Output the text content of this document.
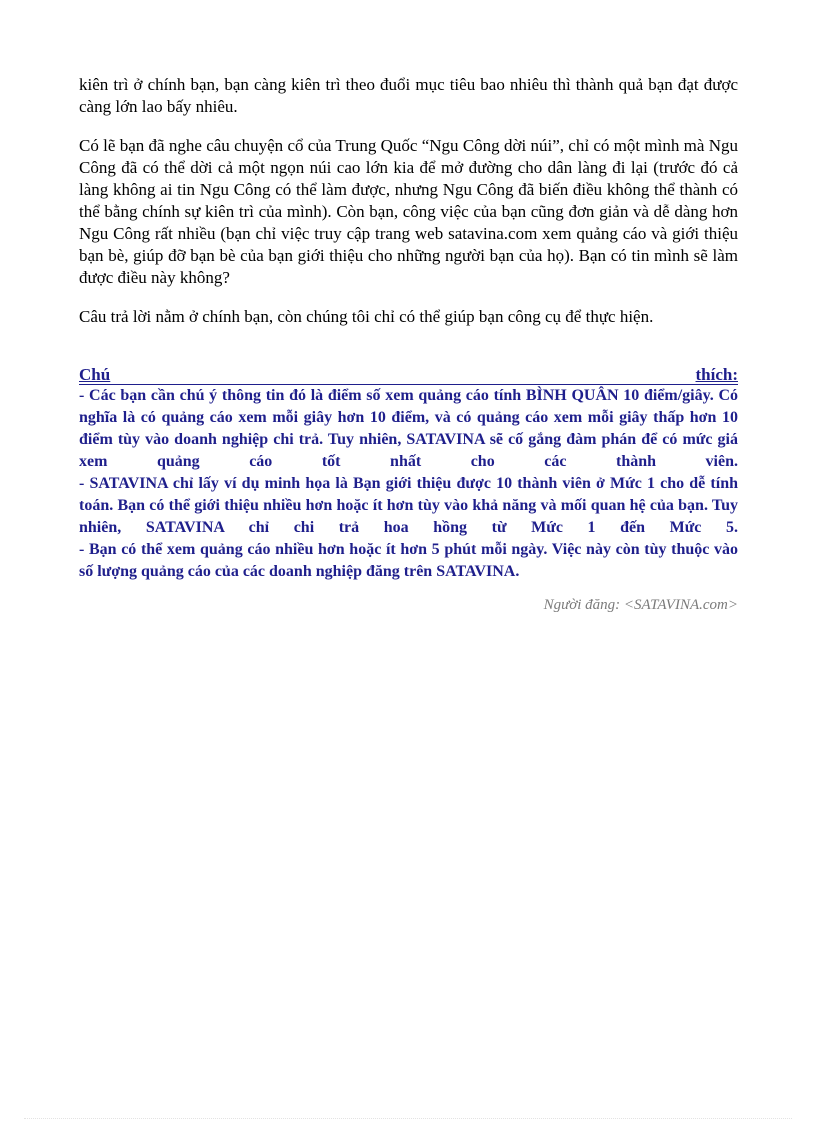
kiên trì ở chính bạn, bạn càng kiên trì theo đuổi mục tiêu bao nhiêu thì thành quả bạn đạt được càng lớn lao bấy nhiêu.

Có lẽ bạn đã nghe câu chuyện cổ của Trung Quốc “Ngu Công dời núi”, chỉ có một mình mà Ngu Công đã có thể dời cả một ngọn núi cao lớn kia để mở đường cho dân làng đi lại (trước đó cả làng không ai tin Ngu Công có thể làm được, nhưng Ngu Công đã biến điều không thể thành có thể bằng chính sự kiên trì của mình). Còn bạn, công việc của bạn cũng đơn giản và dễ dàng hơn Ngu Công rất nhiều (bạn chỉ việc truy cập trang web satavina.com xem quảng cáo và giới thiệu bạn bè, giúp đỡ bạn bè của bạn giới thiệu cho những người bạn của họ). Bạn có tin mình sẽ làm được điều này không?

Câu trả lời nằm ở chính bạn, còn chúng tôi chỉ có thể giúp bạn công cụ để thực hiện.

Chú	thích:

- Các bạn cần chú ý thông tin đó là điểm số xem quảng cáo tính BÌNH QUÂN 10 điểm/giây. Có nghĩa là có quảng cáo xem mỗi giây hơn 10 điểm, và có quảng cáo xem mỗi giây thấp hơn 10 điểm tùy vào doanh nghiệp chi trả. Tuy nhiên, SATAVINA sẽ cố gắng đàm phán để có mức giá xem quảng cáo tốt nhất cho các thành viên.

- SATAVINA chỉ lấy ví dụ minh họa là Bạn giới thiệu được 10 thành viên ở Mức 1 cho dễ tính toán. Bạn có thể giới thiệu nhiều hơn hoặc ít hơn tùy vào khả năng và mối quan hệ của bạn. Tuy nhiên, SATAVINA chỉ chi trả hoa hồng từ Mức 1 đến Mức 5.

- Bạn có thể xem quảng cáo nhiều hơn hoặc ít hơn 5 phút mỗi ngày. Việc này còn tùy thuộc vào số lượng quảng cáo của các doanh nghiệp đăng trên SATAVINA.

Người đăng: <SATAVINA.com>
